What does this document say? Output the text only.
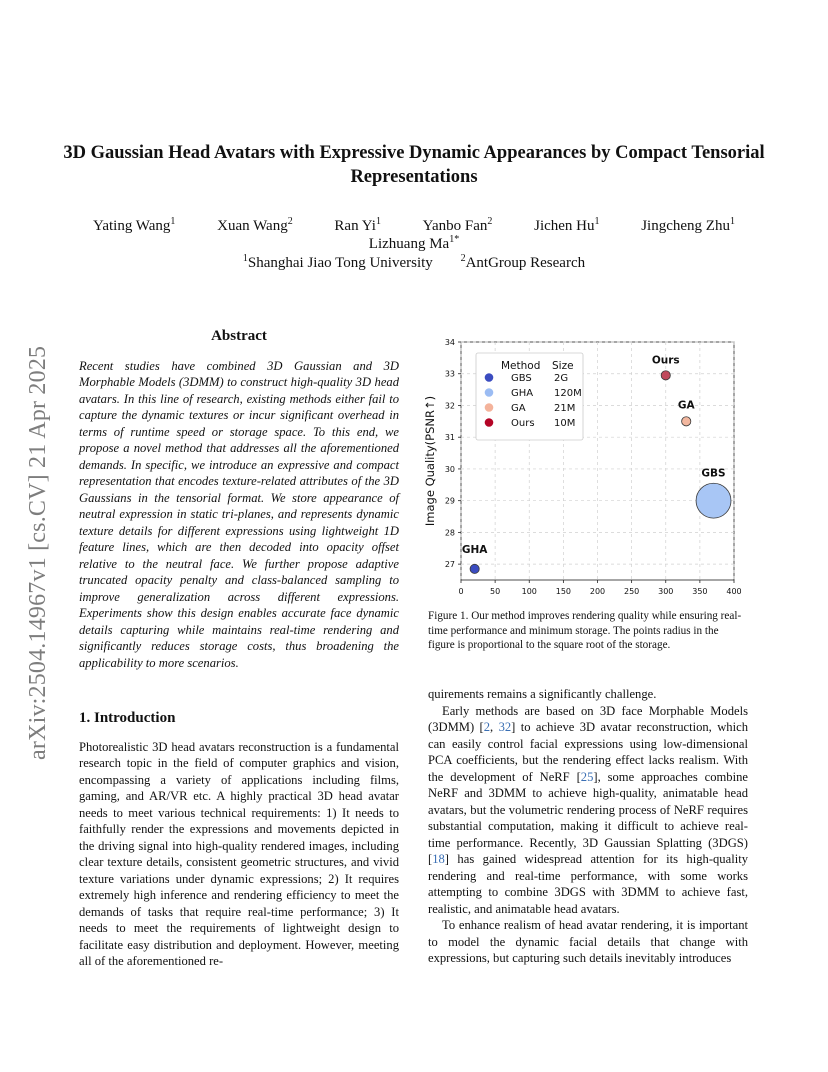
arXiv:2504.14967v1 [cs.CV] 21 Apr 2025
3D Gaussian Head Avatars with Expressive Dynamic Appearances by Compact Tensorial Representations
Yating Wang$^1$	Xuan Wang$^2$	Ran Yi$^1$	Yanbo Fan$^2$	Jichen Hu$^1$	Jingcheng Zhu$^1$
Lizhuang $Ma^{1*}$
$^1$Shanghai Jiao Tong University	$^2$AntGroup Research
Abstract

Recent studies have combined 3D Gaussian and 3D Morphable Models (3DMM) to construct high-quality 3D head avatars. In this line of research, existing methods either fail to capture the dynamic textures or incur significant overhead in terms of runtime speed or storage space. To this end, we propose a novel method that addresses all the aforementioned demands. In specific, we introduce an expressive and compact representation that encodes texture-related attributes of the 3D Gaussians in the tensorial format. We store appearance of neutral expression in static tri-planes, and represents dynamic texture details for different expressions using lightweight 1D feature lines, which are then decoded into opacity offset relative to the neutral face. We further propose adaptive truncated opacity penalty and class-balanced sampling to improve generalization across different expressions. Experiments show this design enables accurate face dynamic details capturing while maintains real-time rendering and significantly reduces storage costs, thus broadening the applicability to more scenarios.

1. Introduction

Photorealistic 3D head avatars reconstruction is a fundamental research topic in the field of computer graphics and vision, encompassing a variety of applications including films, gaming, and AR/VR etc. A highly practical 3D head avatar needs to meet various technical requirements: 1) It needs to faithfully render the expressions and movements depicted in the driving signal into high-quality rendered images, including clear texture details, consistent geometric structures, and vivid texture variations under dynamic expressions; 2) It requires extremely high inference and rendering efficiency to meet the demands of tasks that require real-time performance; 3) It needs to meet the requirements of lightweight design to facilitate easy distribution and deployment. However, meeting all of the aforementioned re-

0	50	100 150 200 250 300 350 400
27
28
29
30
31
32
33
34
Image Quality(PSNR↑)
Method Size
GBS 2G
GHA 120M
GA	21M
Ours 10M
GHA
GBS
GA
Ours

Figure 1. Our method improves rendering quality while ensuring real-time performance and minimum storage. The points radius in the figure is proportional to the square root of the storage.

quirements remains a significantly challenge.

Early methods are based on 3D face Morphable Models (3DMM) [2, 32] to achieve 3D avatar reconstruction, which can easily control facial expressions using low-dimensional PCA coefficients, but the rendering effect lacks realism. With the development of NeRF [25], some approaches combine NeRF and 3DMM to achieve high-quality, animatable head avatars, but the volumetric rendering process of NeRF requires substantial computation, making it difficult to achieve real-time performance. Recently, 3D Gaussian Splatting (3DGS) [18] has gained widespread attention for its high-quality rendering and real-time performance, with some works attempting to combine 3DGS with 3DMM to achieve fast, realistic, and animatable head avatars.

To enhance realism of head avatar rendering, it is important to model the dynamic facial details that change with expressions, but capturing such details inevitably introduces
